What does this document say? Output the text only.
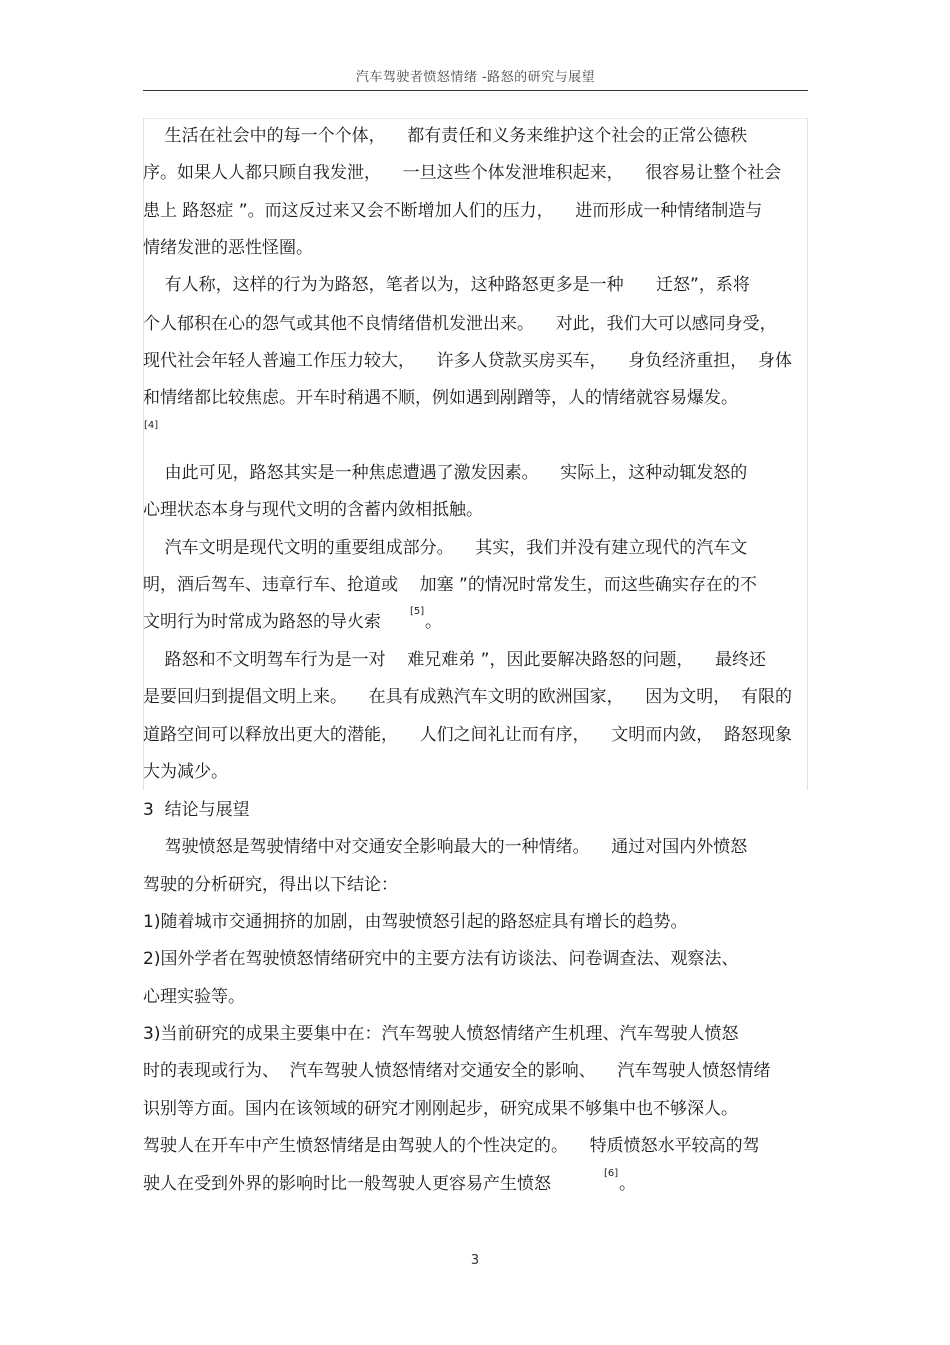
汽车驾驶者愤怒情绪 -路怒的研究与展望
生活在社会中的每一个个体，    都有责任和义务来维护这个社会的正常公德秩
序。如果人人都只顾自我发泄，    一旦这些个体发泄堆积起来，    很容易让整个社会
患上 路怒症 ”。而这反过来又会不断增加人们的压力，    进而形成一种情绪制造与
情绪发泄的恶性怪圈。
有人称，这样的行为为路怒，笔者以为，这种路怒更多是一种      迁怒”，系将
个人郁积在心的怨气或其他不良情绪借机发泄出来。    对此，我们大可以感同身受，
现代社会年轻人普遍工作压力较大，    许多人贷款买房买车，    身负经济重担，  身体
和情绪都比较焦虑。开车时稍遇不顺，例如遇到剐蹭等，人的情绪就容易爆发。
[4]
由此可见，路怒其实是一种焦虑遭遇了激发因素。    实际上，这种动辄发怒的
心理状态本身与现代文明的含蓄内敛相抵触。
汽车文明是现代文明的重要组成部分。    其实，我们并没有建立现代的汽车文
明，酒后驾车、违章行车、抢道或    加塞 ”的情况时常发生，而这些确实存在的不
文明行为时常成为路怒的导火索
[5]
。
路怒和不文明驾车行为是一对    难兄难弟 ”，因此要解决路怒的问题，    最终还
是要回归到提倡文明上来。    在具有成熟汽车文明的欧洲国家，    因为文明，  有限的
道路空间可以释放出更大的潜能，    人们之间礼让而有序，    文明而内敛，  路怒现象
大为减少。
3  结论与展望
驾驶愤怒是驾驶情绪中对交通安全影响最大的一种情绪。    通过对国内外愤怒
驾驶的分析研究，得出以下结论：
1)随着城市交通拥挤的加剧，由驾驶愤怒引起的路怒症具有增长的趋势。
2)国外学者在驾驶愤怒情绪研究中的主要方法有访谈法、问卷调查法、观察法、
心理实验等。
3)当前研究的成果主要集中在：汽车驾驶人愤怒情绪产生机理、汽车驾驶人愤怒
时的表现或行为、  汽车驾驶人愤怒情绪对交通安全的影响、    汽车驾驶人愤怒情绪
识别等方面。国内在该领域的研究才刚刚起步，研究成果不够集中也不够深人。
驾驶人在开车中产生愤怒情绪是由驾驶人的个性决定的。    特质愤怒水平较高的驾
驶人在受到外界的影响时比一般驾驶人更容易产生愤怒
[6]
。
3
